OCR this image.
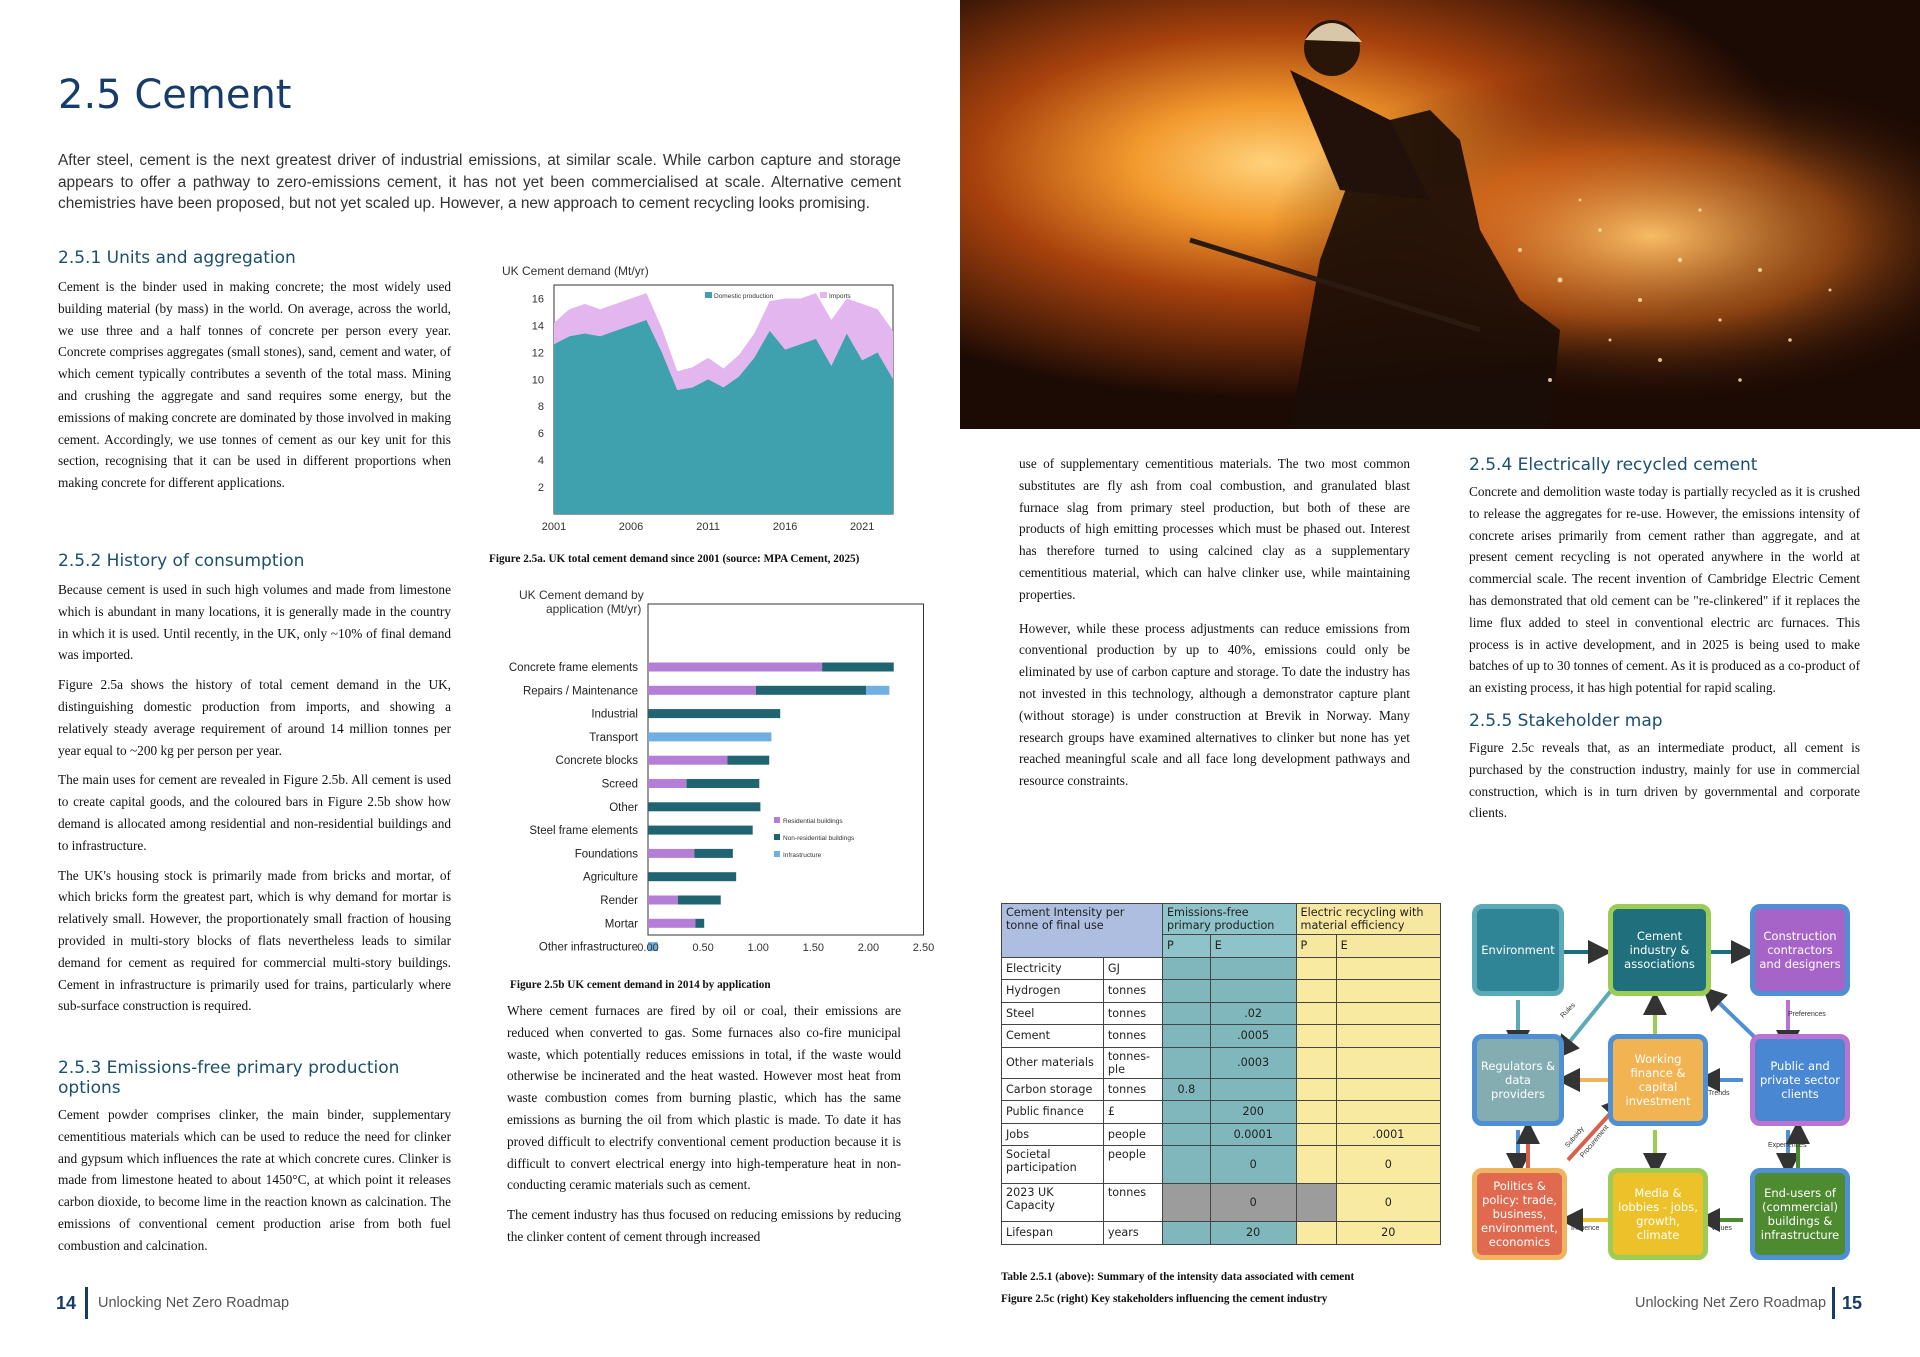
2.5 Cement

After steel, cement is the next greatest driver of industrial emissions, at similar scale. While carbon capture and storage appears to offer a pathway to zero-emissions cement, it has not yet been commercialised at scale. Alternative cement chemistries have been proposed, but not yet scaled up. However, a new approach to cement recycling looks promising.

2.5.1 Units and aggregation

Cement is the binder used in making concrete; the most widely used building material (by mass) in the world. On average, across the world, we use three and a half tonnes of concrete per person every year. Concrete comprises aggregates (small stones), sand, cement and water, of which cement typically contributes a seventh of the total mass. Mining and crushing the aggregate and sand requires some energy, but the emissions of making concrete are dominated by those involved in making cement. Accordingly, we use tonnes of cement as our key unit for this section, recognising that it can be used in different proportions when making concrete for different applications.

2.5.2 History of consumption

Because cement is used in such high volumes and made from limestone which is abundant in many locations, it is generally made in the country in which it is used. Until recently, in the UK, only ~10% of final demand was imported.

Figure 2.5a shows the history of total cement demand in the UK, distinguishing domestic production from imports, and showing a relatively steady average requirement of around 14 million tonnes per year equal to ~200 kg per person per year.

The main uses for cement are revealed in Figure 2.5b. All cement is used to create capital goods, and the coloured bars in Figure 2.5b show how demand is allocated among residential and non-residential buildings and to infrastructure.

The UK's housing stock is primarily made from bricks and mortar, of which bricks form the greatest part, which is why demand for mortar is relatively small. However, the proportionately small fraction of housing provided in multi-story blocks of flats nevertheless leads to similar demand for cement as required for commercial multi-story buildings. Cement in infrastructure is primarily used for trains, particularly where sub-surface construction is required.

2.5.3 Emissions-free primary production options

Cement powder comprises clinker, the main binder, supplementary cementitious materials which can be used to reduce the need for clinker and gypsum which influences the rate at which concrete cures. Clinker is made from limestone heated to about 1450°C, at which point it releases carbon dioxide, to become lime in the reaction known as calcination. The emissions of conventional cement production arise from both fuel combustion and calcination.

UK Cement demand (Mt/yr)
2
4
6
8
10
12
14
16
2001	2006	2011	2016	2021
Domestic production	Imports
Figure 2.5a. UK total cement demand since 2001 (source: MPA Cement, 2025)
UK Cement demand by
application (Mt/yr)
Concrete frame elements
Repairs / Maintenance
Industrial
Transport
Concrete blocks
Screed
Other
Steel frame elements
Foundations
Agriculture
Render
Mortar
Other infrastructure 0.00	0.50	1.00	1.50	2.00	2.50
Residential buildings
Non-residential buildings
Infrastructure
Figure 2.5b UK cement demand in 2014 by application

Where cement furnaces are fired by oil or coal, their emissions are reduced when converted to gas. Some furnaces also co-fire municipal waste, which potentially reduces emissions in total, if the waste would otherwise be incinerated and the heat wasted. However most heat from waste combustion comes from burning plastic, which has the same emissions as burning the oil from which plastic is made. To date it has proved difficult to electrify conventional cement production because it is difficult to convert electrical energy into high-temperature heat in non-conducting ceramic materials such as cement.

The cement industry has thus focused on reducing emissions by reducing the clinker content of cement through increased

14 Unlocking Net Zero Roadmap

use of supplementary cementitious materials. The two most common substitutes are fly ash from coal combustion, and granulated blast furnace slag from primary steel production, but both of these are products of high emitting processes which must be phased out. Interest has therefore turned to using calcined clay as a supplementary cementitious material, which can halve clinker use, while maintaining properties.

However, while these process adjustments can reduce emissions from conventional production by up to 40%, emissions could only be eliminated by use of carbon capture and storage. To date the industry has not invested in this technology, although a demonstrator capture plant (without storage) is under construction at Brevik in Norway. Many research groups have examined alternatives to clinker but none has yet reached meaningful scale and all face long development pathways and resource constraints.

2.5.4 Electrically recycled cement

Concrete and demolition waste today is partially recycled as it is crushed to release the aggregates for re-use. However, the emissions intensity of concrete arises primarily from cement rather than aggregate, and at present cement recycling is not operated anywhere in the world at commercial scale. The recent invention of Cambridge Electric Cement has demonstrated that old cement can be "re-clinkered" if it replaces the lime flux added to steel in conventional electric arc furnaces. This process is in active development, and in 2025 is being used to make batches of up to 30 tonnes of cement. As it is produced as a co-product of an existing process, it has high potential for rapid scaling.

2.5.5 Stakeholder map

Figure 2.5c reveals that, as an intermediate product, all cement is purchased by the construction industry, mainly for use in commercial construction, which is in turn driven by governmental and corporate clients.

Cement Intensity per tonne of final use		Emissions-free primary production		Electric recycling with material efficiency	
		P	E	P	E
Electricity	GJ				
Hydrogen	tonnes				
Steel	tonnes		.02		
Cement	tonnes		.0005		
Other materials	tonnes-ple		.0003		
Carbon storage	tonnes	0.8			
Public finance	£		200		
Jobs	people		0.0001		.0001
Societal participation	people		0		0
2023 UK Capacity	tonnes		0		0
Lifespan	years		20		20
Table 2.5.1 (above): Summary of the intensity data associated with cement
Figure 2.5c (right) Key stakeholders influencing the cement industry
Rules	Preferences
Trends
Experiences
Subsidy
Procurement
Influence	Values
Environment
Cement industry & associations
Construction contractors and designers
Regulators & data providers
Working finance & capital investment
Public and private sector clients
Politics & policy: trade, business, environment, economics
Media & lobbies - jobs, growth, climate
End-users of (commercial) buildings & infrastructure
Unlocking Net Zero Roadmap 15
